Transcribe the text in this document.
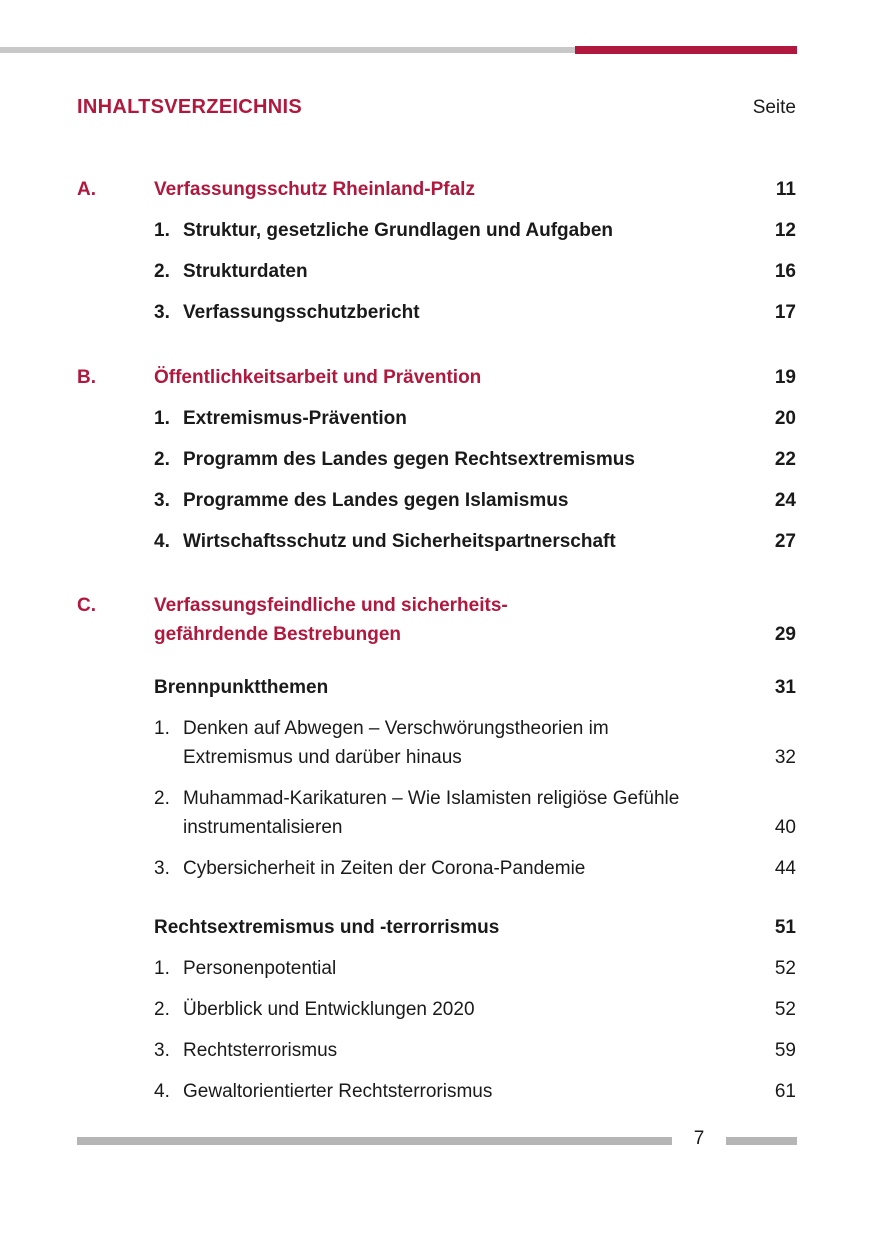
INHALTSVERZEICHNIS	Seite
A.	Verfassungsschutz Rheinland-Pfalz	11
1. Struktur, gesetzliche Grundlagen und Aufgaben	12
2. Strukturdaten	16
3. Verfassungsschutzbericht	17
B.	Öffentlichkeitsarbeit und Prävention	19
1. Extremismus-Prävention	20
2. Programm des Landes gegen Rechtsextremismus	22
3. Programme des Landes gegen Islamismus	24
4. Wirtschaftsschutz und Sicherheitspartnerschaft	27
C.	Verfassungsfeindliche und sicherheits-
gefährdende Bestrebungen	29
Brennpunktthemen	31
1. Denken auf Abwegen – Verschwörungstheorien im
Extremismus und darüber hinaus	32
2. Muhammad-Karikaturen – Wie Islamisten religiöse Gefühle
instrumentalisieren	40
3. Cybersicherheit in Zeiten der Corona-Pandemie	44
Rechtsextremismus und -terrorrismus	51
1. Personenpotential	52
2. Überblick und Entwicklungen 2020	52
3. Rechtsterrorismus	59
4. Gewaltorientierter Rechtsterrorismus	61
7
